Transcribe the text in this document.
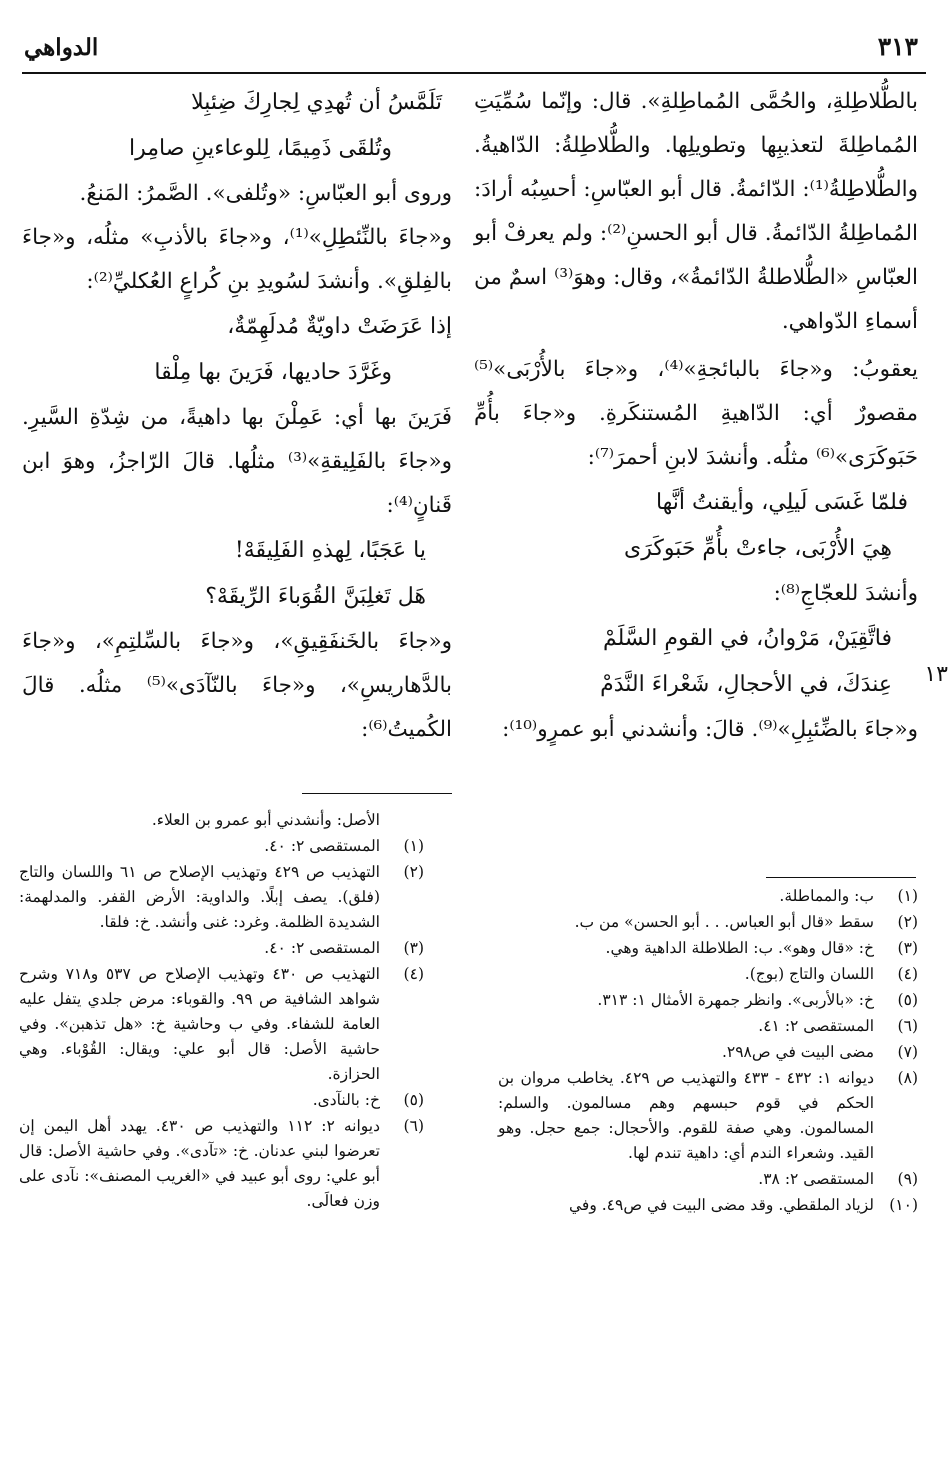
٣١٣
الدواهي

بالطُّلاطِلةِ، والحُمَّى المُماطِلةِ». قال: وإنّما سُمِّيَتِ المُماطِلةَ لتعذيبِها وتطويلِها. والطُّلاطِلةُ: الدّاهيةُ. والطُّلاطِلةُ⁽¹⁾: الدّائمةُ. قال أبو العبّاسِ: أحسِبُه أرادَ: المُماطِلةُ الدّائمةُ. قال أبو الحسنِ⁽²⁾: ولم يعرفْ أبو العبّاسِ «الطُّلاطلةُ الدّائمةُ»، وقال: وهوَ⁽³⁾ اسمٌ من أسماءِ الدّواهي.

يعقوبُ: و«جاءَ بالبائجةِ»⁽⁴⁾، و«جاءَ بالأُرْبَى»⁽⁵⁾ مقصورٌ أي: الدّاهيةِ المُستنكَرةِ. و«جاءَ بأُمِّ حَبَوكَرَى»⁽⁶⁾ مثلُه. وأنشدَ لابنِ أحمرَ⁽⁷⁾:

فلمّا غَسَى لَيلِي، وأيقنتُ أنَّها

هِيَ الأُرْبَى، جاءتْ بأُمِّ حَبَوكَرَى

وأنشدَ للعجّاجِ⁽⁸⁾:

فاتَّقِيَنْ، مَرْوانُ، في القومِ السَّلَمْ

عِندَكَ، في الأحجالِ، شَعْراءَ النَّدَمْ

و«جاءَ بالضِّئبِلِ»⁽⁹⁾. قالَ: وأنشدني أبو عمرٍو⁽¹⁰⁾:

تَلَمَّسُ أن تُهدِي لِجارِكَ ضِئبِلا

وتُلقَى ذَمِيمًا، لِلوعاءينِ صامِرا

وروى أبو العبّاسِ: «وتُلفى». الصَّمرُ: المَنعُ.

و«جاءَ بالنِّئطِلِ»⁽¹⁾، و«جاءَ بالأذبِ» مثلُه، و«جاءَ بالفِلقِ». وأنشدَ لسُويدِ بنِ كُراعٍ العُكليِّ⁽²⁾:

إذا عَرَضَتْ داويّةٌ مُدلَهِمّةٌ،

وغَرَّدَ حاديها، فَرَينَ بها مِلْقا

فَرَينَ بها أي: عَمِلْنَ بها داهيةً، من شِدّةِ السَّيرِ. و«جاءَ بالفَلِيقةِ»⁽³⁾ مثلُها. قالَ الرّاجزُ، وهوَ ابن قَنانٍ⁽⁴⁾:

يا عَجَبًا، لِهذهِ الفَلِيقَهْ!

هَل تَغلِبَنَّ القُوَباءَ الرِّيقَهْ؟

و«جاءَ بالخَنفَقِيقِ»، و«جاءَ بالسِّلتِمِ»، و«جاءَ بالدَّهاريسِ»، و«جاءَ بالنّآدَى»⁽⁵⁾ مثلُه. قالَ الكُميتُ⁽⁶⁾:

١٣
(١)
ب: والمماطلة.
(٢)
سقط «قال أبو العباس. . . أبو الحسن» من ب.
(٣)
خ: «قال وهو». ب: الطلاطلة الداهية وهي.
(٤)
اللسان والتاج (بوج).
(٥)
خ: «بالأربى». وانظر جمهرة الأمثال ١: ٣١٣.
(٦)
المستقصى ٢: ٤١.
(٧)
مضى البيت في ص٢٩٨.
(٨)
ديوانه ١: ٤٣٢ - ٤٣٣ والتهذيب ص ٤٢٩. يخاطب مروان بن الحكم في قوم حبسهم وهم مسالمون. والسلم: المسالمون. وهي صفة للقوم. والأحجال: جمع حجل. وهو القيد. وشعراء الندم أي: داهية تندم لها.
(٩)
المستقصى ٢: ٣٨.
(١٠)
لزياد الملقطي. وقد مضى البيت في ص٤٩. وفي

الأصل: وأنشدني أبو عمرو بن العلاء.

(١)
المستقصى ٢: ٤٠.
(٢)
التهذيب ص ٤٢٩ وتهذيب الإصلاح ص ٦١ واللسان والتاج (فلق). يصف إبلًا. والداوية: الأرض القفر. والمدلهمة: الشديدة الظلمة. وغرد: غنى وأنشد. خ: فلقا.
(٣)
المستقصى ٢: ٤٠.
(٤)
التهذيب ص ٤٣٠ وتهذيب الإصلاح ص ٥٣٧ و٧١٨ وشرح شواهد الشافية ص ٩٩. والقوباء: مرض جلدي يتفل عليه العامة للشفاء. وفي ب وحاشية خ: «هل تذهبن». وفي حاشية الأصل: قال أبو علي: ويقال: القُوْباء. وهي الحزازة.
(٥)
خ: بالنآدى.
(٦)
ديوانه ٢: ١١٢ والتهذيب ص ٤٣٠. يهدد أهل اليمن إن تعرضوا لبني عدنان. خ: «تآدى». وفي حاشية الأصل: قال أبو علي: روى أبو عبيد في «الغريب المصنف»: نآدى على وزن فعالَى.
